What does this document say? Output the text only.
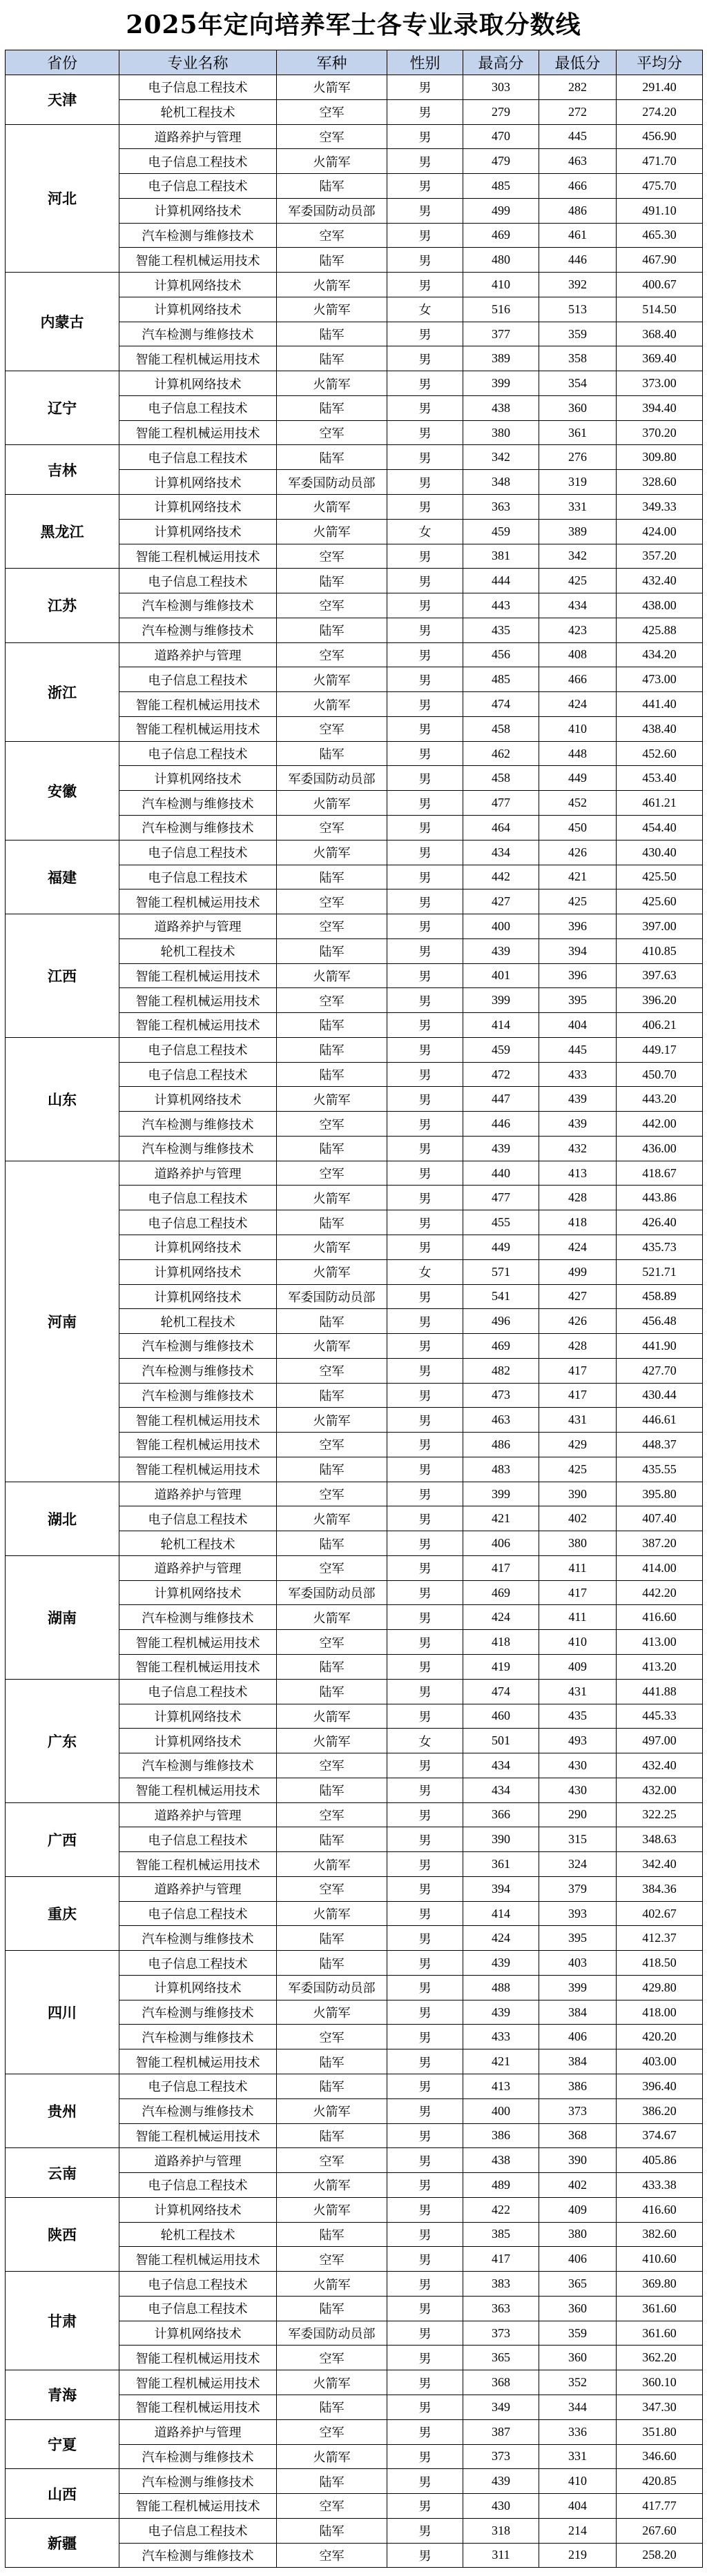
2025年定向培养军士各专业录取分数线
省份	专业名称	军种	性别	最高分	最低分	平均分
天津	电子信息工程技术	火箭军	男	303	282	291.40
	轮机工程技术	空军	男	279	272	274.20
河北	道路养护与管理	空军	男	470	445	456.90
	电子信息工程技术	火箭军	男	479	463	471.70
	电子信息工程技术	陆军	男	485	466	475.70
	计算机网络技术	军委国防动员部	男	499	486	491.10
	汽车检测与维修技术	空军	男	469	461	465.30
	智能工程机械运用技术	陆军	男	480	446	467.90
内蒙古	计算机网络技术	火箭军	男	410	392	400.67
	计算机网络技术	火箭军	女	516	513	514.50
	汽车检测与维修技术	陆军	男	377	359	368.40
	智能工程机械运用技术	陆军	男	389	358	369.40
辽宁	计算机网络技术	火箭军	男	399	354	373.00
	电子信息工程技术	陆军	男	438	360	394.40
	智能工程机械运用技术	空军	男	380	361	370.20
吉林	电子信息工程技术	陆军	男	342	276	309.80
	计算机网络技术	军委国防动员部	男	348	319	328.60
黑龙江	计算机网络技术	火箭军	男	363	331	349.33
	计算机网络技术	火箭军	女	459	389	424.00
	智能工程机械运用技术	空军	男	381	342	357.20
江苏	电子信息工程技术	陆军	男	444	425	432.40
	汽车检测与维修技术	空军	男	443	434	438.00
	汽车检测与维修技术	陆军	男	435	423	425.88
浙江	道路养护与管理	空军	男	456	408	434.20
	电子信息工程技术	火箭军	男	485	466	473.00
	智能工程机械运用技术	火箭军	男	474	424	441.40
	智能工程机械运用技术	空军	男	458	410	438.40
安徽	电子信息工程技术	陆军	男	462	448	452.60
	计算机网络技术	军委国防动员部	男	458	449	453.40
	汽车检测与维修技术	火箭军	男	477	452	461.21
	汽车检测与维修技术	空军	男	464	450	454.40
福建	电子信息工程技术	火箭军	男	434	426	430.40
	电子信息工程技术	陆军	男	442	421	425.50
	智能工程机械运用技术	空军	男	427	425	425.60
江西	道路养护与管理	空军	男	400	396	397.00
	轮机工程技术	陆军	男	439	394	410.85
	智能工程机械运用技术	火箭军	男	401	396	397.63
	智能工程机械运用技术	空军	男	399	395	396.20
	智能工程机械运用技术	陆军	男	414	404	406.21
山东	电子信息工程技术	陆军	男	459	445	449.17
	电子信息工程技术	陆军	男	472	433	450.70
	计算机网络技术	火箭军	男	447	439	443.20
	汽车检测与维修技术	空军	男	446	439	442.00
	汽车检测与维修技术	陆军	男	439	432	436.00
河南	道路养护与管理	空军	男	440	413	418.67
	电子信息工程技术	火箭军	男	477	428	443.86
	电子信息工程技术	陆军	男	455	418	426.40
	计算机网络技术	火箭军	男	449	424	435.73
	计算机网络技术	火箭军	女	571	499	521.71
	计算机网络技术	军委国防动员部	男	541	427	458.89
	轮机工程技术	陆军	男	496	426	456.48
	汽车检测与维修技术	火箭军	男	469	428	441.90
	汽车检测与维修技术	空军	男	482	417	427.70
	汽车检测与维修技术	陆军	男	473	417	430.44
	智能工程机械运用技术	火箭军	男	463	431	446.61
	智能工程机械运用技术	空军	男	486	429	448.37
	智能工程机械运用技术	陆军	男	483	425	435.55
湖北	道路养护与管理	空军	男	399	390	395.80
	电子信息工程技术	火箭军	男	421	402	407.40
	轮机工程技术	陆军	男	406	380	387.20
湖南	道路养护与管理	空军	男	417	411	414.00
	计算机网络技术	军委国防动员部	男	469	417	442.20
	汽车检测与维修技术	火箭军	男	424	411	416.60
	智能工程机械运用技术	空军	男	418	410	413.00
	智能工程机械运用技术	陆军	男	419	409	413.20
广东	电子信息工程技术	陆军	男	474	431	441.88
	计算机网络技术	火箭军	男	460	435	445.33
	计算机网络技术	火箭军	女	501	493	497.00
	汽车检测与维修技术	空军	男	434	430	432.40
	智能工程机械运用技术	陆军	男	434	430	432.00
广西	道路养护与管理	空军	男	366	290	322.25
	电子信息工程技术	陆军	男	390	315	348.63
	智能工程机械运用技术	火箭军	男	361	324	342.40
重庆	道路养护与管理	空军	男	394	379	384.36
	电子信息工程技术	火箭军	男	414	393	402.67
	汽车检测与维修技术	陆军	男	424	395	412.37
四川	电子信息工程技术	陆军	男	439	403	418.50
	计算机网络技术	军委国防动员部	男	488	399	429.80
	汽车检测与维修技术	火箭军	男	439	384	418.00
	汽车检测与维修技术	空军	男	433	406	420.20
	智能工程机械运用技术	陆军	男	421	384	403.00
贵州	电子信息工程技术	陆军	男	413	386	396.40
	汽车检测与维修技术	火箭军	男	400	373	386.20
	智能工程机械运用技术	陆军	男	386	368	374.67
云南	道路养护与管理	空军	男	438	390	405.86
	电子信息工程技术	火箭军	男	489	402	433.38
陕西	计算机网络技术	火箭军	男	422	409	416.60
	轮机工程技术	陆军	男	385	380	382.60
	智能工程机械运用技术	空军	男	417	406	410.60
甘肃	电子信息工程技术	火箭军	男	383	365	369.80
	电子信息工程技术	陆军	男	363	360	361.60
	计算机网络技术	军委国防动员部	男	373	359	361.60
	智能工程机械运用技术	空军	男	365	360	362.20
青海	智能工程机械运用技术	火箭军	男	368	352	360.10
	智能工程机械运用技术	陆军	男	349	344	347.30
宁夏	道路养护与管理	空军	男	387	336	351.80
	汽车检测与维修技术	火箭军	男	373	331	346.60
山西	汽车检测与维修技术	陆军	男	439	410	420.85
	智能工程机械运用技术	空军	男	430	404	417.77
新疆	电子信息工程技术	陆军	男	318	214	267.60
	汽车检测与维修技术	空军	男	311	219	258.20
